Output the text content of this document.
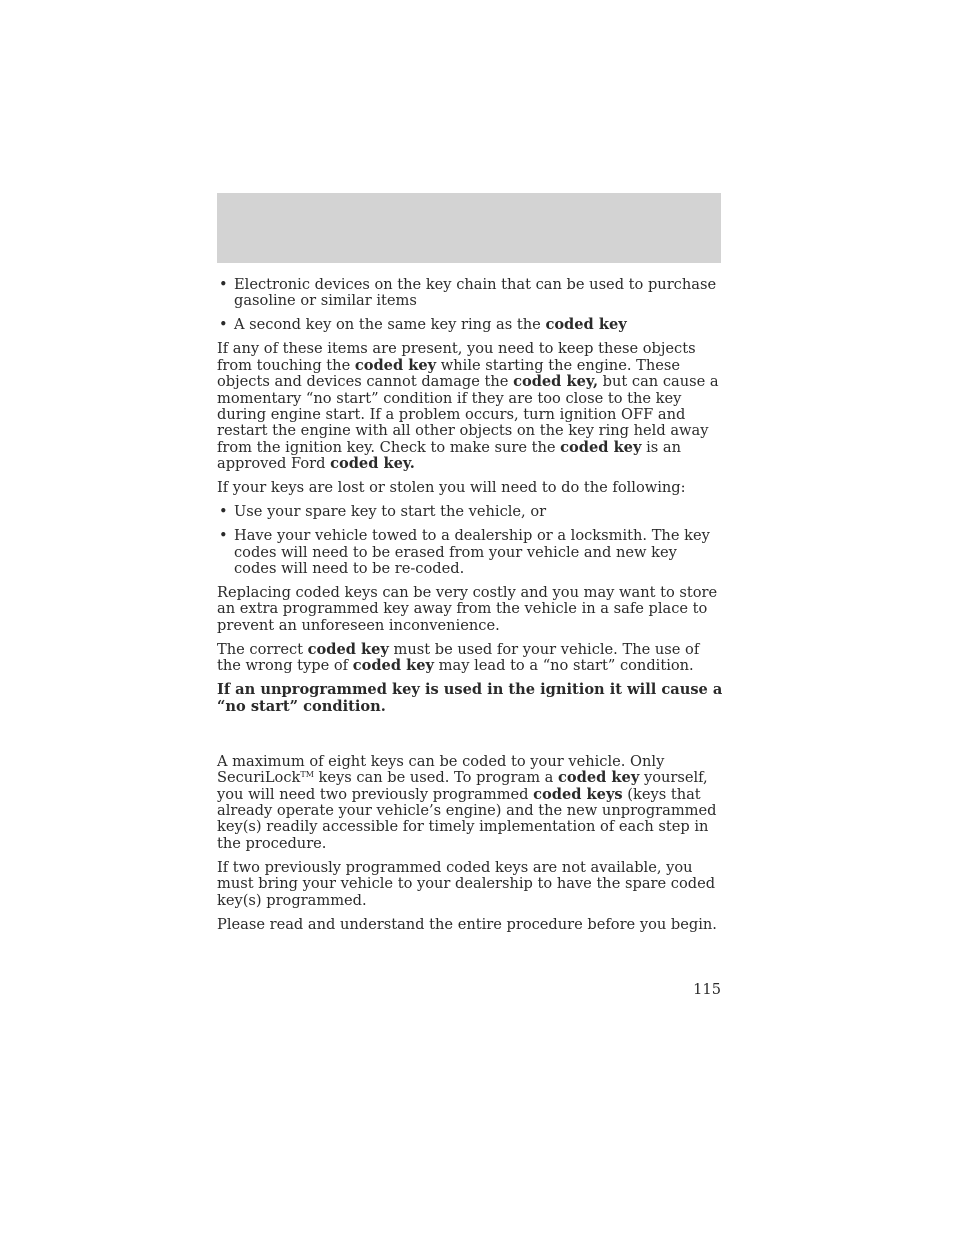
• Electronic devices on the key chain that can be used to purchase gasoline or similar items
• A second key on the same key ring as the coded key

If any of these items are present, you need to keep these objects from touching the coded key while starting the engine. These objects and devices cannot damage the coded key, but can cause a momentary “no start” condition if they are too close to the key during engine start. If a problem occurs, turn ignition OFF and restart the engine with all other objects on the key ring held away from the ignition key. Check to make sure the coded key is an approved Ford coded key.

If your keys are lost or stolen you will need to do the following:

• Use your spare key to start the vehicle, or
• Have your vehicle towed to a dealership or a locksmith. The key codes will need to be erased from your vehicle and new key codes will need to be re-coded.

Replacing coded keys can be very costly and you may want to store an extra programmed key away from the vehicle in a safe place to prevent an unforeseen inconvenience.

The correct coded key must be used for your vehicle. The use of the wrong type of coded key may lead to a “no start” condition.

If an unprogrammed key is used in the ignition it will cause a “no start” condition.

A maximum of eight keys can be coded to your vehicle. Only SecuriLock™ keys can be used. To program a coded key yourself, you will need two previously programmed coded keys (keys that already operate your vehicle’s engine) and the new unprogrammed key(s) readily accessible for timely implementation of each step in the procedure.

If two previously programmed coded keys are not available, you must bring your vehicle to your dealership to have the spare coded key(s) programmed.

Please read and understand the entire procedure before you begin.

115
